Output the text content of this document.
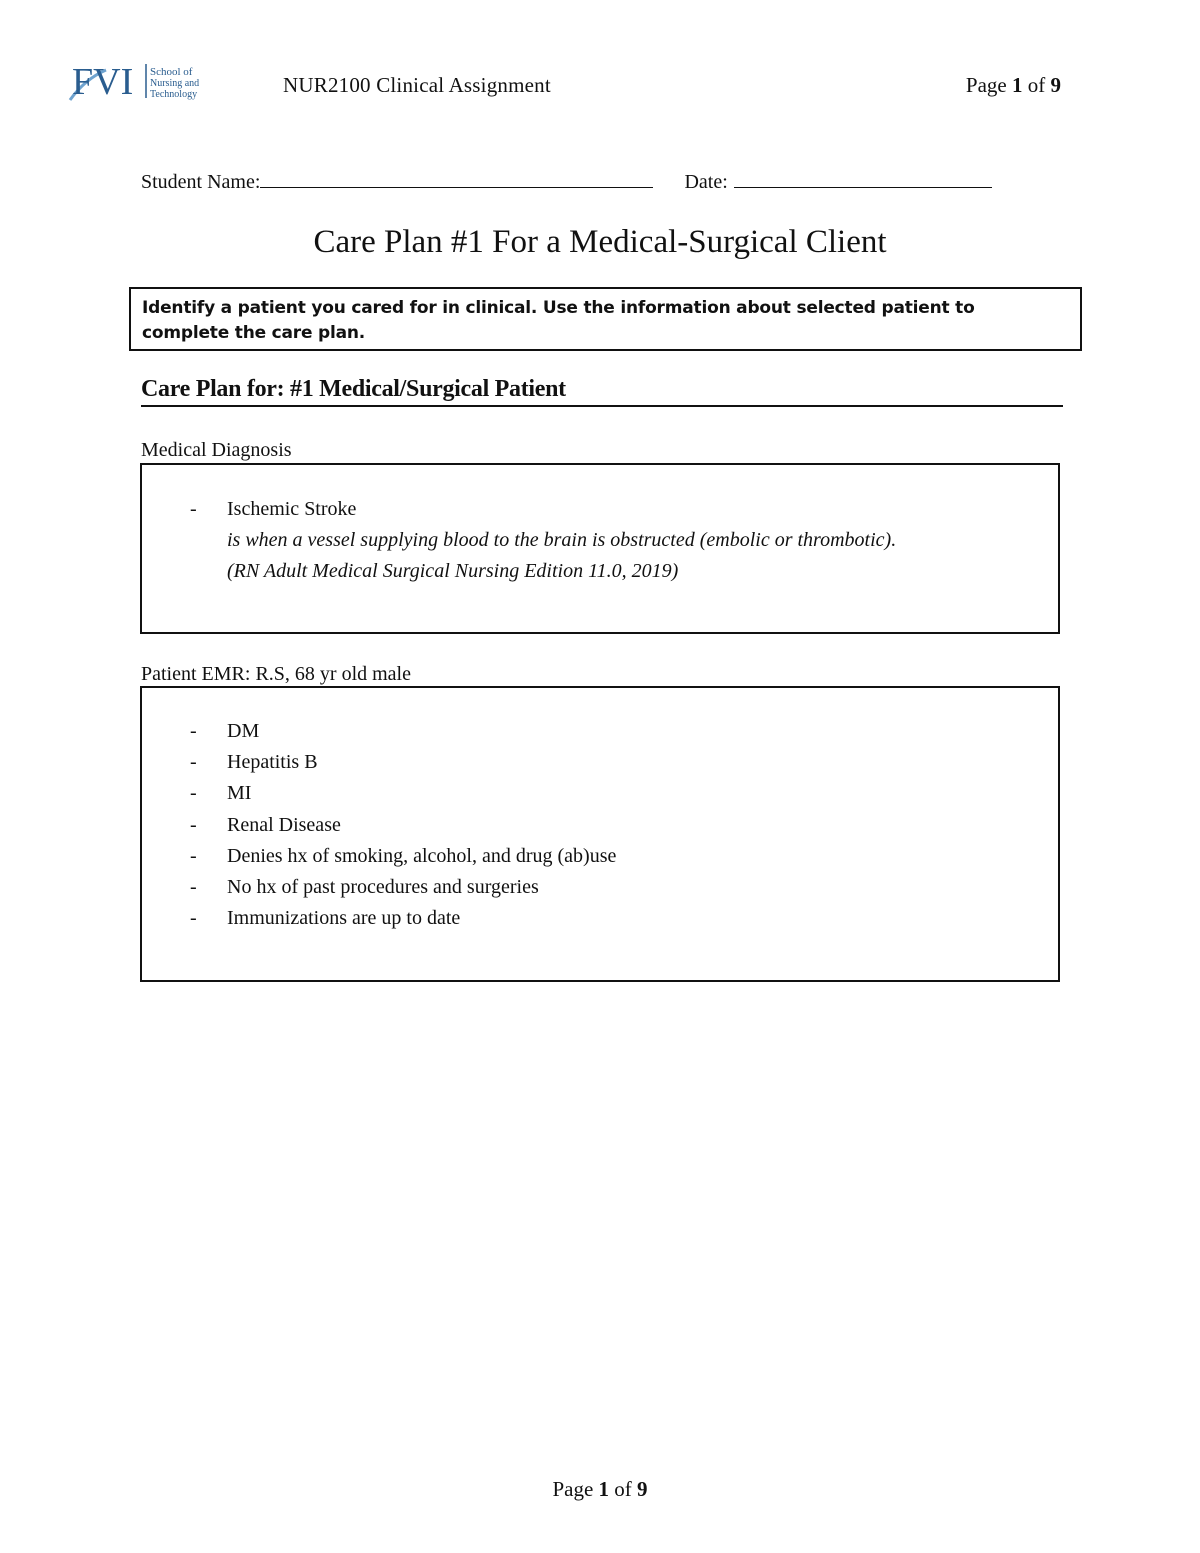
FVI School of
Nursing and
Technology	NUR2100 Clinical Assignment	Page 1 of 9
Student Name:	Date:
Care Plan #1 For a Medical-Surgical Client
Identify a patient you cared for in clinical. Use the information about selected patient to
complete the care plan.
Care Plan for: #1 Medical/Surgical Patient
Medical Diagnosis
- Ischemic Stroke
is when a vessel supplying blood to the brain is obstructed (embolic or thrombotic).
(RN Adult Medical Surgical Nursing Edition 11.0, 2019)
Patient EMR: R.S, 68 yr old male
- DM
- Hepatitis B
- MI
- Renal Disease
- Denies hx of smoking, alcohol, and drug (ab)use
- No hx of past procedures and surgeries
- Immunizations are up to date
Page 1 of 9
